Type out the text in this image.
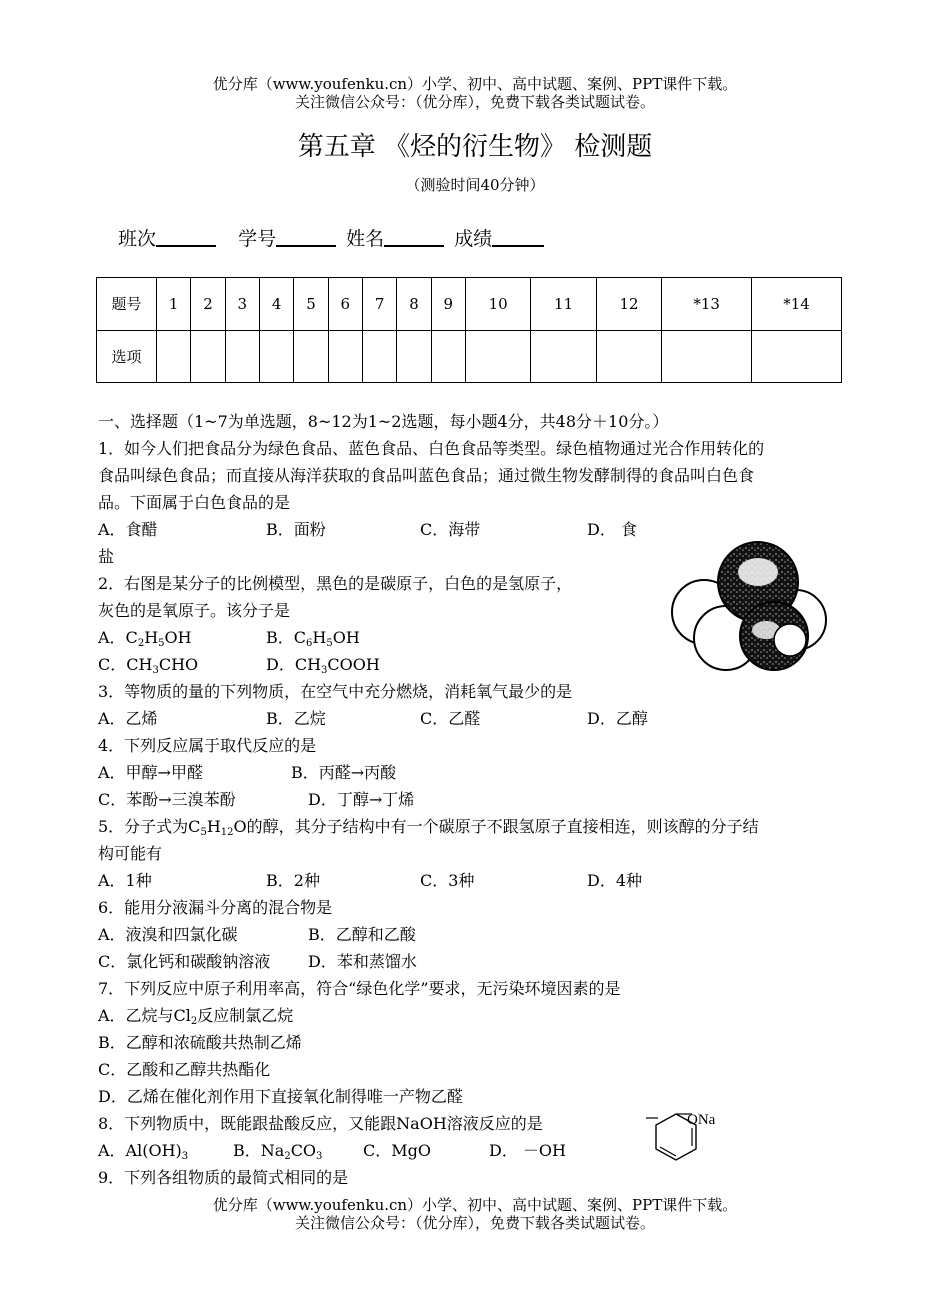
优分库（www.youfenku.cn）小学、初中、高中试题、案例、PPT课件下载。
关注微信公众号：（优分库），免费下载各类试题试卷。
第五章 《烃的衍生物》 检测题
（测验时间40分钟）
班次	学号	姓名	成绩
题号	1	2	3	4	5	6	7	8	9	10	11	12	*13	*14
选项														
一、选择题（1~7为单选题，8~12为1~2选题，每小题4分，共48分＋10分。）
1．如今人们把食品分为绿色食品、蓝色食品、白色食品等类型。绿色植物通过光合作用转化的
食品叫绿色食品；而直接从海洋获取的食品叫蓝色食品；通过微生物发酵制得的食品叫白色食
品。下面属于白色食品的是
A．食醋	B．面粉	C．海带	D． 食
盐
2．右图是某分子的比例模型，黑色的是碳原子，白色的是氢原子，
灰色的是氧原子。该分子是
A．$C_2H_5OH$	B．$C_6H_5OH$
C．$CH_3CHO$	D．$CH_3COOH$
3．等物质的量的下列物质，在空气中充分燃烧，消耗氧气最少的是
A．乙烯	B．乙烷	C．乙醛	D．乙醇
4．下列反应属于取代反应的是
A．甲醇→甲醛	B．丙醛→丙酸
C．苯酚→三溴苯酚	D．丁醇→丁烯
5．分子式为$C_5H_{12}O$的醇，其分子结构中有一个碳原子不跟氢原子直接相连，则该醇的分子结
构可能有
A．1种	B．2种	C．3种	D．4种
6．能用分液漏斗分离的混合物是
A．液溴和四氯化碳	B．乙醇和乙酸
C．氯化钙和碳酸钠溶液 D．苯和蒸馏水
7．下列反应中原子利用率高，符合“绿色化学”要求，无污染环境因素的是
A．乙烷与$Cl_2$反应制氯乙烷
B．乙醇和浓硫酸共热制乙烯
C．乙酸和乙醇共热酯化
D．乙烯在催化剂作用下直接氧化制得唯一产物乙醛
8．下列物质中，既能跟盐酸反应，又能跟NaOH溶液反应的是
A．$Al(OH)_3$	B．$Na_2CO_3$	C．MgO	D． －OH
ONa
9．下列各组物质的最简式相同的是
优分库（www.youfenku.cn）小学、初中、高中试题、案例、PPT课件下载。
关注微信公众号：（优分库），免费下载各类试题试卷。
